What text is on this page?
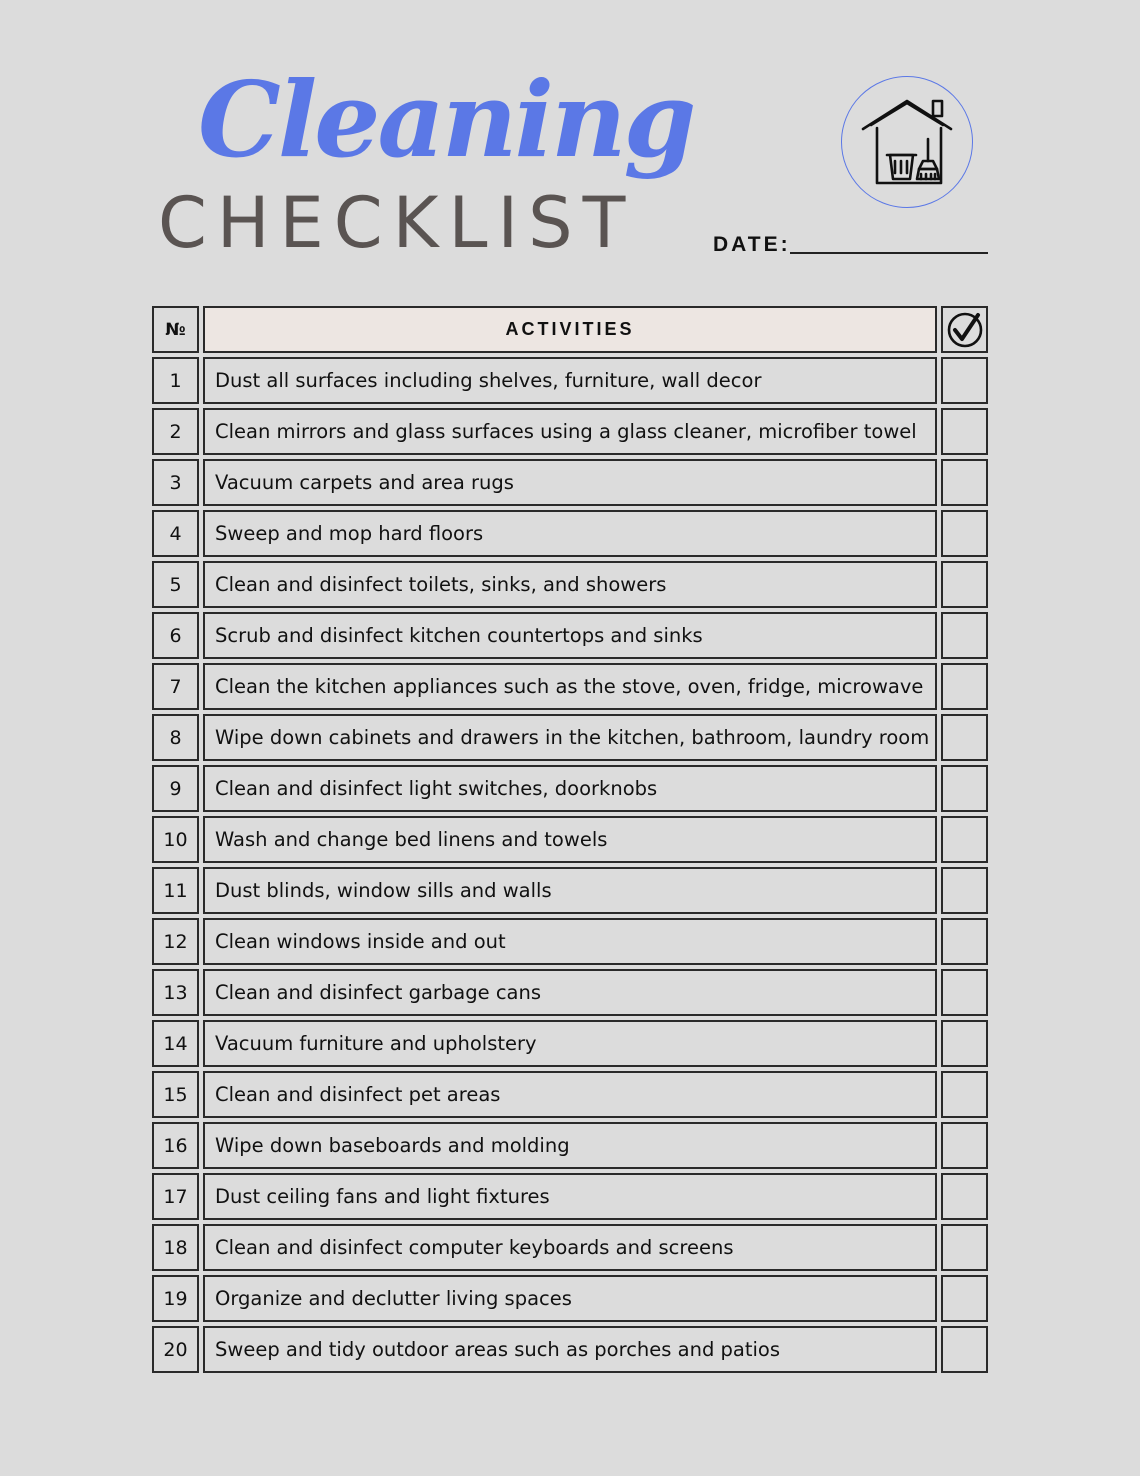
Cleaning
CHECKLIST	DATE:
№	ACTIVITIES
1	Dust all surfaces including shelves, furniture, wall decor
2	Clean mirrors and glass surfaces using a glass cleaner, microfiber towel
3	Vacuum carpets and area rugs
4	Sweep and mop hard floors
5	Clean and disinfect toilets, sinks, and showers
6	Scrub and disinfect kitchen countertops and sinks
7	Clean the kitchen appliances such as the stove, oven, fridge, microwave
8	Wipe down cabinets and drawers in the kitchen, bathroom, laundry room
9	Clean and disinfect light switches, doorknobs
10	Wash and change bed linens and towels
11	Dust blinds, window sills and walls
12	Clean windows inside and out
13	Clean and disinfect garbage cans
14	Vacuum furniture and upholstery
15	Clean and disinfect pet areas
16	Wipe down baseboards and molding
17	Dust ceiling fans and light fixtures
18	Clean and disinfect computer keyboards and screens
19	Organize and declutter living spaces
20	Sweep and tidy outdoor areas such as porches and patios
